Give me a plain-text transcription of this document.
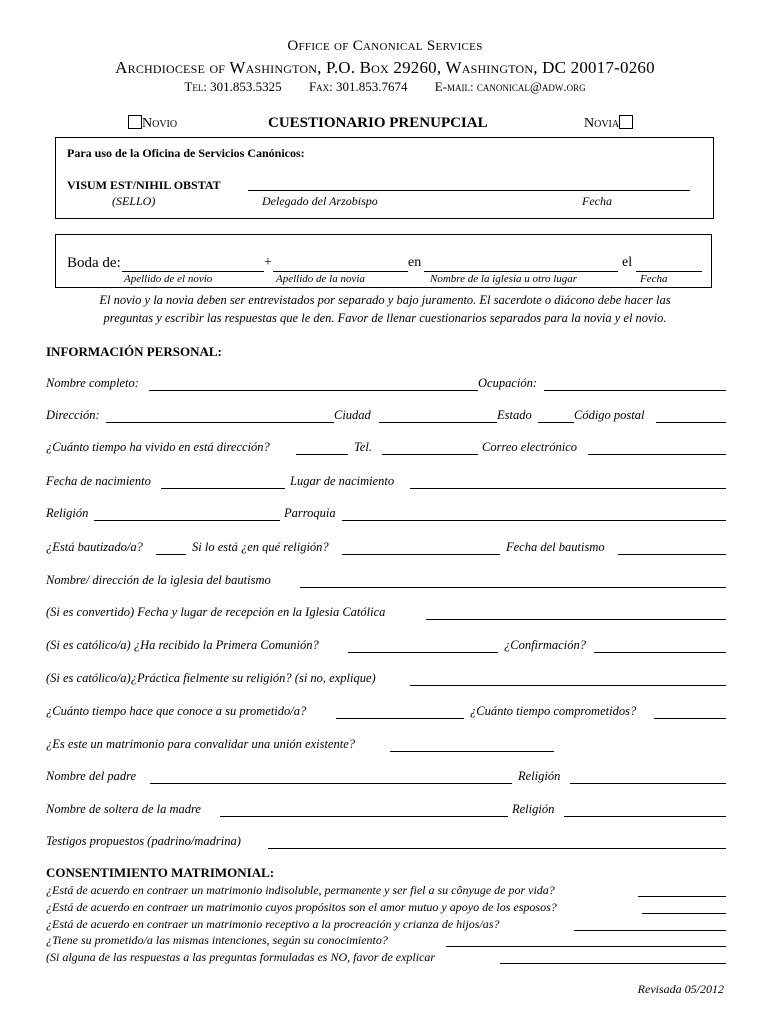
Office of Canonical Services
Archdiocese of Washington, P.O. Box 29260, Washington, DC 20017-0260
Tel: 301.853.5325 Fax: 301.853.7674 E-mail: canonical@adw.org
Novio	CUESTIONARIO PRENUPCIAL	Novia
Para uso de la Oficina de Servicios Canónicos:
VISUM EST/NIHIL OBSTAT
(SELLO)	Delegado del Arzobispo	Fecha
Boda de:	+	en	el
Apellido de el novio	Apellido de la novia	Nombre de la iglesia u otro lugar	Fecha
El novio y la novia deben ser entrevistados por separado y bajo juramento. El sacerdote o diácono debe hacer las
preguntas y escribir las respuestas que le den. Favor de llenar cuestionarios separados para la novia y el novio.
INFORMACIÓN PERSONAL:
Nombre completo:	Ocupación:
Dirección:	Ciudad	Estado	Código postal
¿Cuánto tiempo ha vivido en está dirección?	Tel.	Correo electrónico
Fecha de nacimiento	Lugar de nacimiento
Religión	Parroquia
¿Está bautizado/a?	Si lo está ¿en qué religión?	Fecha del bautismo
Nombre/ dirección de la iglesia del bautismo
(Si es convertido) Fecha y lugar de recepción en la Iglesia Católica
(Si es católico/a) ¿Ha recibido la Primera Comunión?	¿Confirmación?
(Si es católico/a)¿Práctica fielmente su religión? (si no, explique)
¿Cuánto tiempo hace que conoce a su prometido/a?	¿Cuánto tiempo comprometidos?
¿Es este un matrimonio para convalidar una unión existente?
Nombre del padre	Religión
Nombre de soltera de la madre	Religión
Testigos propuestos (padrino/madrina)
CONSENTIMIENTO MATRIMONIAL:
¿Está de acuerdo en contraer un matrimonio indisoluble, permanente y ser fiel a su cônyuge de por vida?
¿Está de acuerdo en contraer un matrimonio cuyos propósitos son el amor mutuo y apoyo de los esposos?
¿Está de acuerdo en contraer un matrimonio receptivo a la procreación y crianza de hijos/as?
¿Tiene su prometido/a las mismas intenciones, según su conocimiento?
(Si alguna de las respuestas a las preguntas formuladas es NO, favor de explicar
Revisada 05/2012
